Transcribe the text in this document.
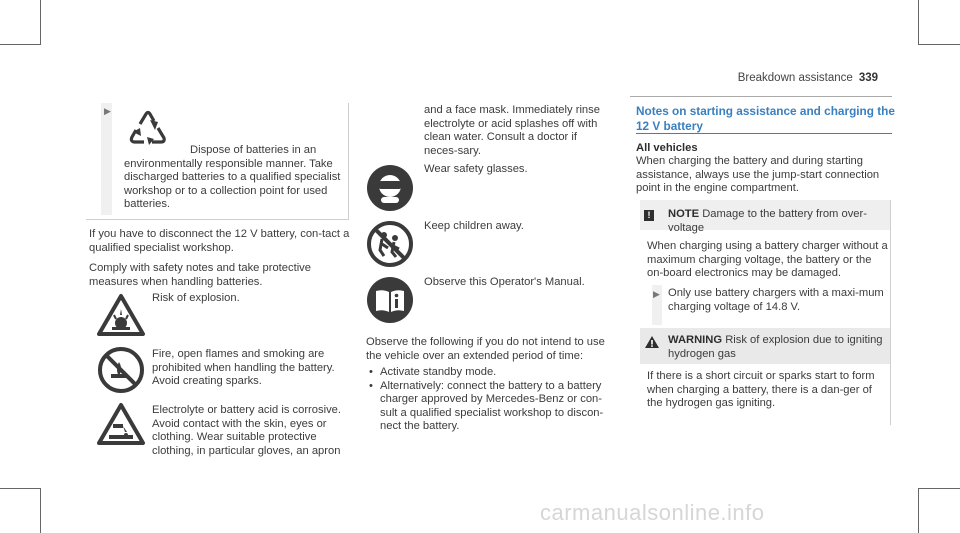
Breakdown assistance 339
▶
Dispose of batteries in an environmentally responsible manner. Take discharged batteries to a qualified specialist workshop or to a collection point for used batteries.
If you have to disconnect the 12 V battery, con-tact a qualified specialist workshop.
Comply with safety notes and take protective measures when handling batteries.
Risk of explosion.
Fire, open flames and smoking are prohibited when handling the battery. Avoid creating sparks.
Electrolyte or battery acid is corrosive. Avoid contact with the skin, eyes or clothing. Wear suitable protective clothing, in particular gloves, an apron
and a face mask. Immediately rinse electrolyte or acid splashes off with clean water. Consult a doctor if neces-sary.
Wear safety glasses.
Keep children away.
Observe this Operator's Manual.
Observe the following if you do not intend to use the vehicle over an extended period of time:
• Activate standby mode.
• Alternatively: connect the battery to a battery charger approved by Mercedes-Benz or con-sult a qualified specialist workshop to discon-nect the battery.
Notes on starting assistance and charging the 12 V battery
All vehicles
When charging the battery and during starting assistance, always use the jump-start connection point in the engine compartment.
!	NOTE Damage to the battery from over-voltage
When charging using a battery charger without a maximum charging voltage, the battery or the on-board electronics may be damaged.
▶ Only use battery chargers with a maxi-mum charging voltage of 14.8 V.
WARNING Risk of explosion due to igniting hydrogen gas
If there is a short circuit or sparks start to form when charging a battery, there is a dan-ger of the hydrogen gas igniting.
carmanualsonline.info
